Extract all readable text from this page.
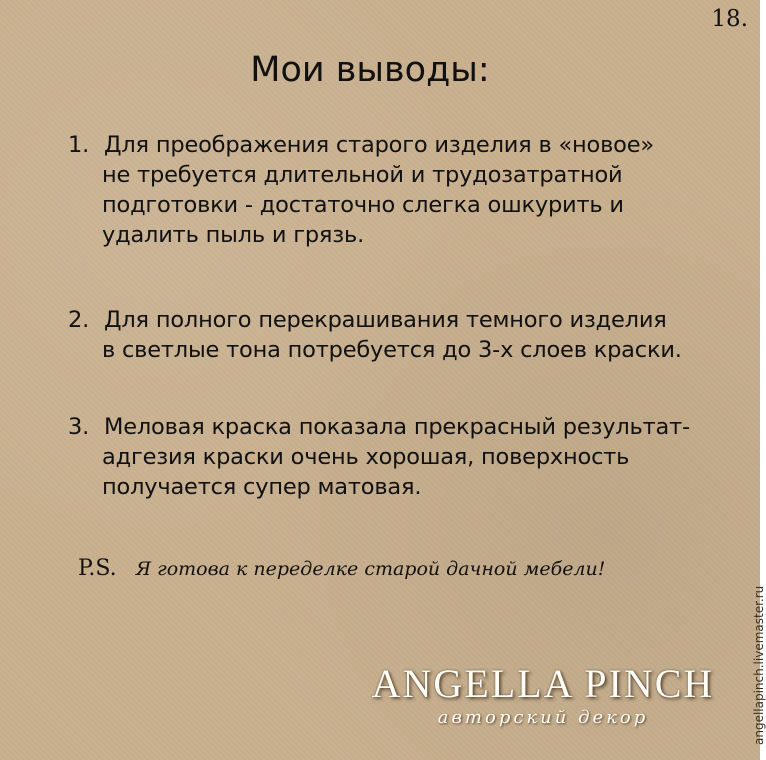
18.
Мои выводы:
1. Для преображения старого изделия в «новое»
не требуется длительной и трудозатратной
подготовки - достаточно слегка ошкурить и
удалить пыль и грязь.
2. Для полного перекрашивания темного изделия
в светлые тона потребуется до 3-х слоев краски.
3. Меловая краска показала прекрасный результат-
адгезия краски очень хорошая, поверхность
получается супер матовая.
P.S. Я готова к переделке старой дачной мебели!
ANGELLA PINCH
авторский декор	angellapinch.livemaster.ru
